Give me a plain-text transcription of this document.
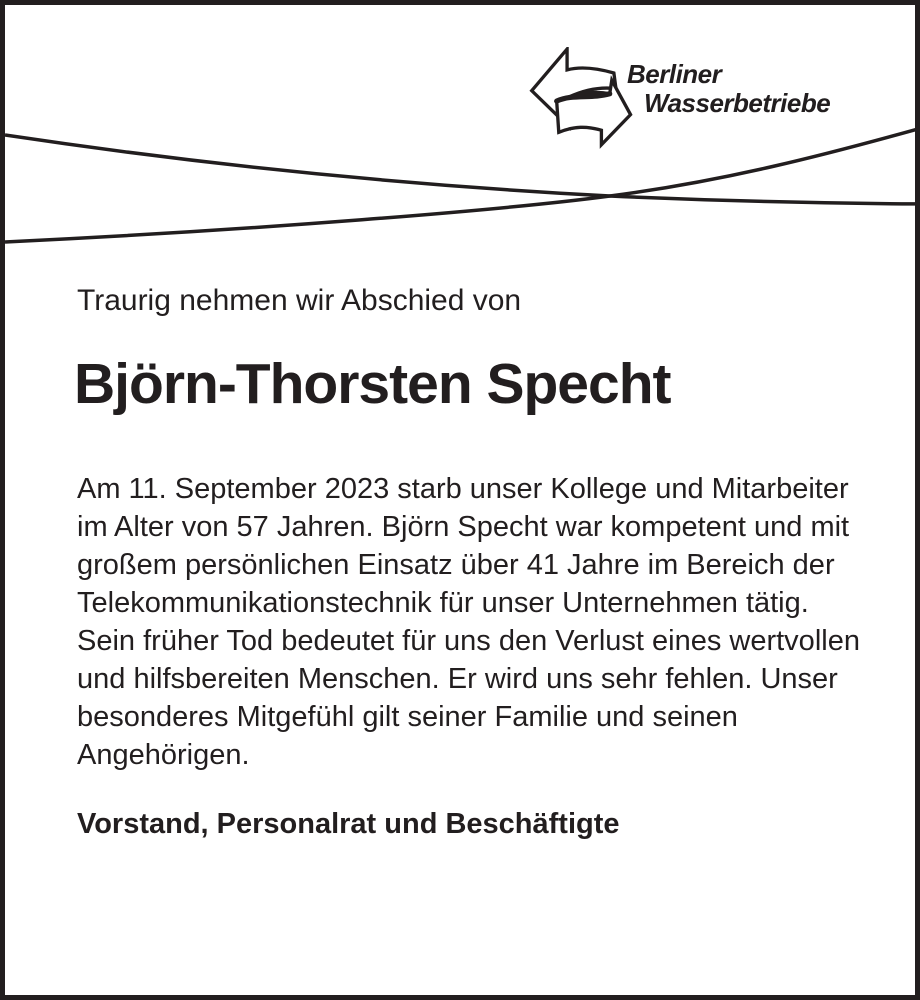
Berliner
Wasserbetriebe
Traurig nehmen wir Abschied von
Björn-Thorsten Specht
Am 11. September 2023 starb unser Kollege und Mitarbeiter
im Alter von 57 Jahren. Björn Specht war kompetent und mit
großem persönlichen Einsatz über 41 Jahre im Bereich der
Telekommunikationstechnik für unser Unternehmen tätig.
Sein früher Tod bedeutet für uns den Verlust eines wertvollen
und hilfsbereiten Menschen. Er wird uns sehr fehlen. Unser
besonderes Mitgefühl gilt seiner Familie und seinen
Angehörigen.
Vorstand, Personalrat und Beschäftigte
